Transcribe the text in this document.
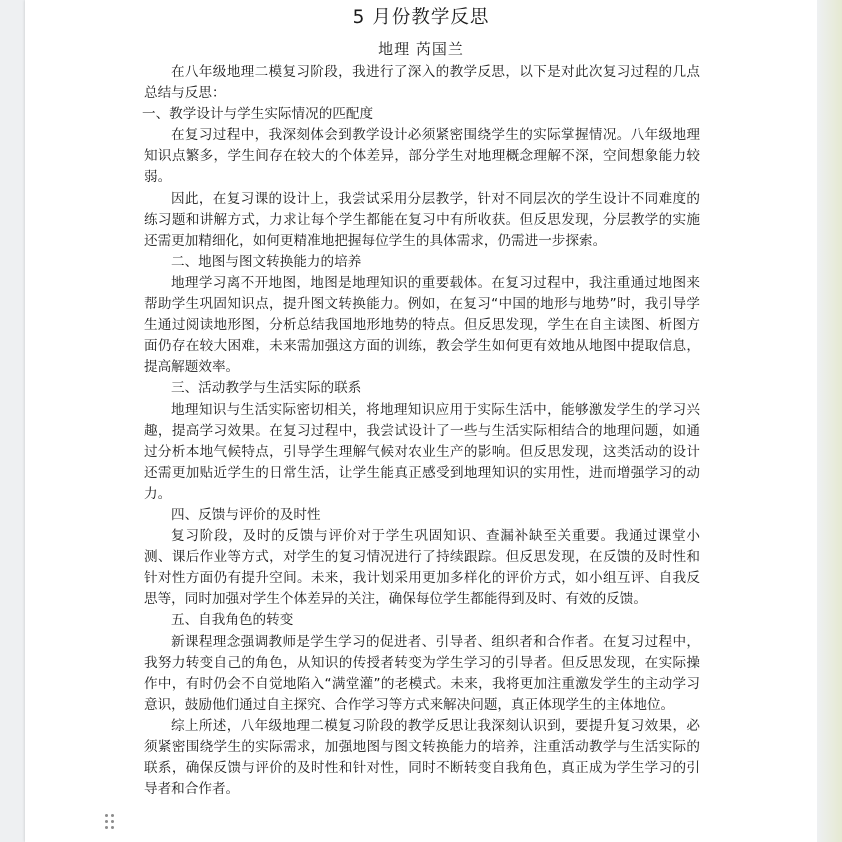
5 月份教学反思
地理 芮国兰

在八年级地理二模复习阶段，我进行了深入的教学反思，以下是对此次复习过程的几点总结与反思：

一、教学设计与学生实际情况的匹配度

在复习过程中，我深刻体会到教学设计必须紧密围绕学生的实际掌握情况。八年级地理知识点繁多，学生间存在较大的个体差异，部分学生对地理概念理解不深，空间想象能力较弱。

因此，在复习课的设计上，我尝试采用分层教学，针对不同层次的学生设计不同难度的练习题和讲解方式，力求让每个学生都能在复习中有所收获。但反思发现，分层教学的实施还需更加精细化，如何更精准地把握每位学生的具体需求，仍需进一步探索。

二、地图与图文转换能力的培养

地理学习离不开地图，地图是地理知识的重要载体。在复习过程中，我注重通过地图来帮助学生巩固知识点，提升图文转换能力。例如，在复习“中国的地形与地势”时，我引导学生通过阅读地形图，分析总结我国地形地势的特点。但反思发现，学生在自主读图、析图方面仍存在较大困难，未来需加强这方面的训练，教会学生如何更有效地从地图中提取信息，提高解题效率。

三、活动教学与生活实际的联系

地理知识与生活实际密切相关，将地理知识应用于实际生活中，能够激发学生的学习兴趣，提高学习效果。在复习过程中，我尝试设计了一些与生活实际相结合的地理问题，如通过分析本地气候特点，引导学生理解气候对农业生产的影响。但反思发现，这类活动的设计还需更加贴近学生的日常生活，让学生能真正感受到地理知识的实用性，进而增强学习的动力。

四、反馈与评价的及时性

复习阶段，及时的反馈与评价对于学生巩固知识、查漏补缺至关重要。我通过课堂小测、课后作业等方式，对学生的复习情况进行了持续跟踪。但反思发现，在反馈的及时性和针对性方面仍有提升空间。未来，我计划采用更加多样化的评价方式，如小组互评、自我反思等，同时加强对学生个体差异的关注，确保每位学生都能得到及时、有效的反馈。

五、自我角色的转变

新课程理念强调教师是学生学习的促进者、引导者、组织者和合作者。在复习过程中，我努力转变自己的角色，从知识的传授者转变为学生学习的引导者。但反思发现，在实际操作中，有时仍会不自觉地陷入“满堂灌”的老模式。未来，我将更加注重激发学生的主动学习意识，鼓励他们通过自主探究、合作学习等方式来解决问题，真正体现学生的主体地位。

综上所述，八年级地理二模复习阶段的教学反思让我深刻认识到，要提升复习效果，必须紧密围绕学生的实际需求，加强地图与图文转换能力的培养，注重活动教学与生活实际的联系，确保反馈与评价的及时性和针对性，同时不断转变自我角色，真正成为学生学习的引导者和合作者。
